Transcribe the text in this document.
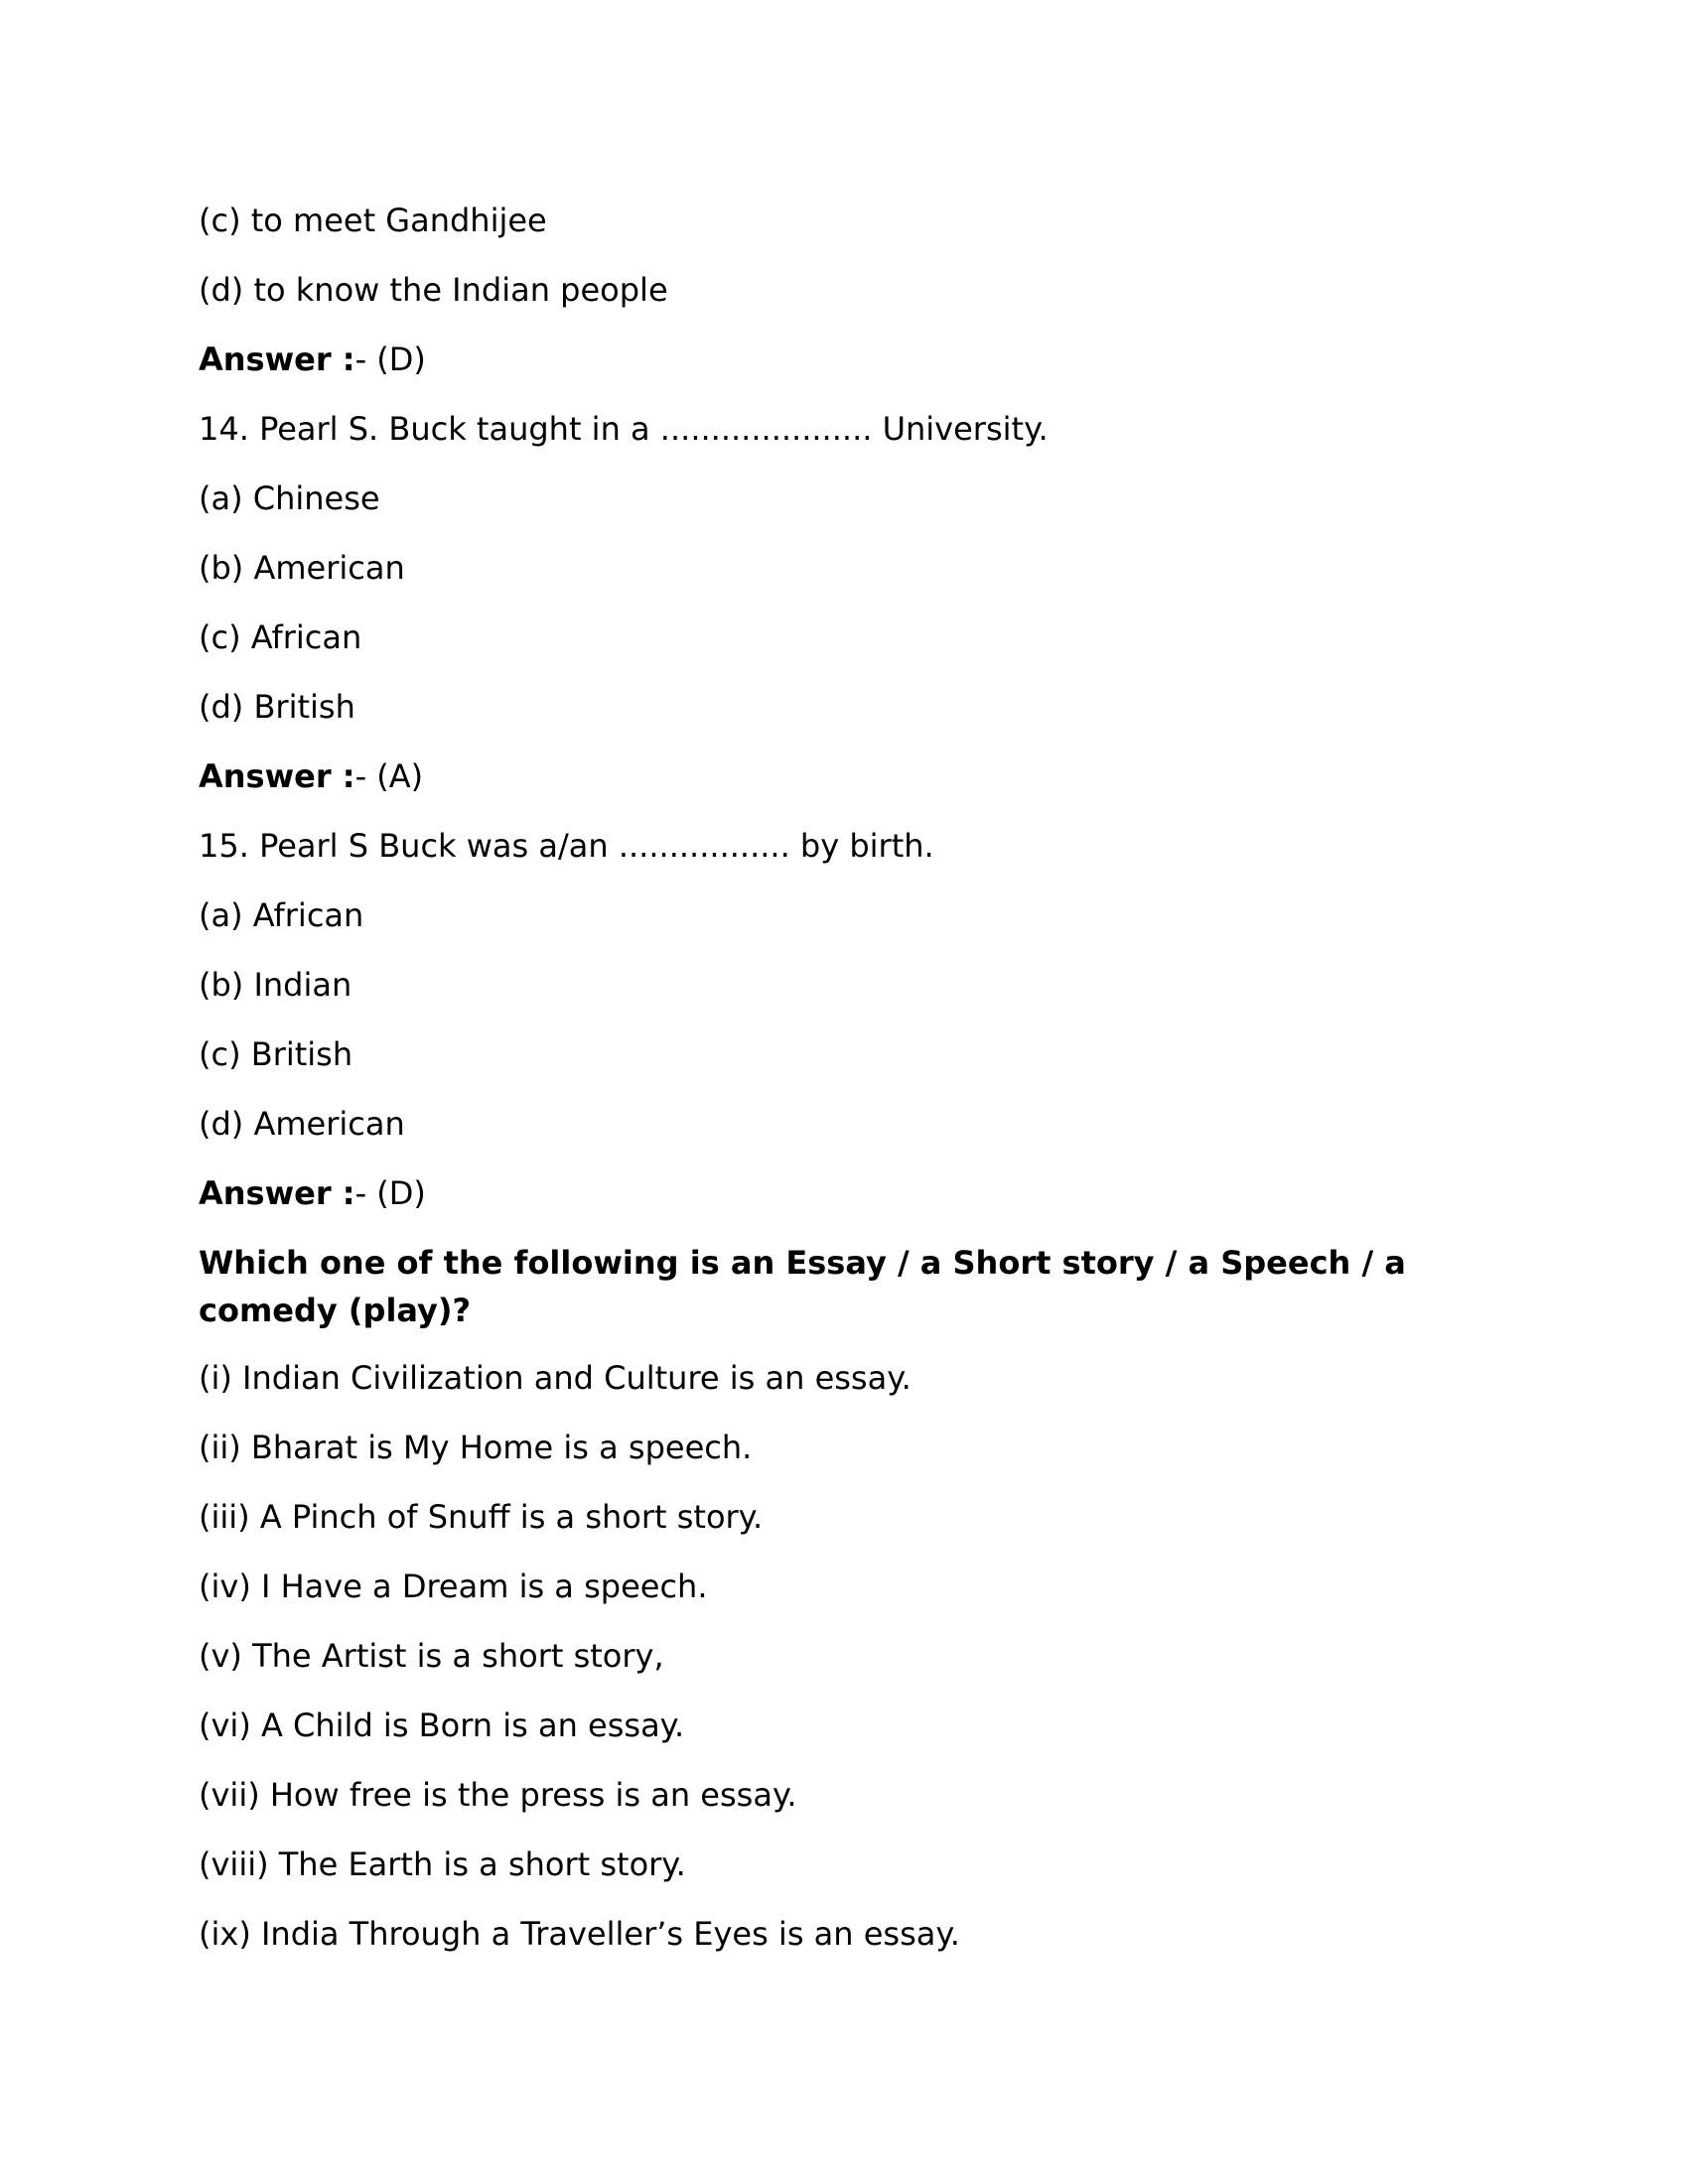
(c) to meet Gandhijee
(d) to know the Indian people
Answer :- (D)
14. Pearl S. Buck taught in a ..................... University.
(a) Chinese
(b) American
(c) African
(d) British
Answer :- (A)
15. Pearl S Buck was a/an ................. by birth.
(a) African
(b) Indian
(c) British
(d) American
Answer :- (D)
Which one of the following is an Essay / a Short story / a Speech / a comedy (play)?
(i) Indian Civilization and Culture is an essay.
(ii) Bharat is My Home is a speech.
(iii) A Pinch of Snuff is a short story.
(iv) I Have a Dream is a speech.
(v) The Artist is a short story,
(vi) A Child is Born is an essay.
(vii) How free is the press is an essay.
(viii) The Earth is a short story.
(ix) India Through a Traveller’s Eyes is an essay.
